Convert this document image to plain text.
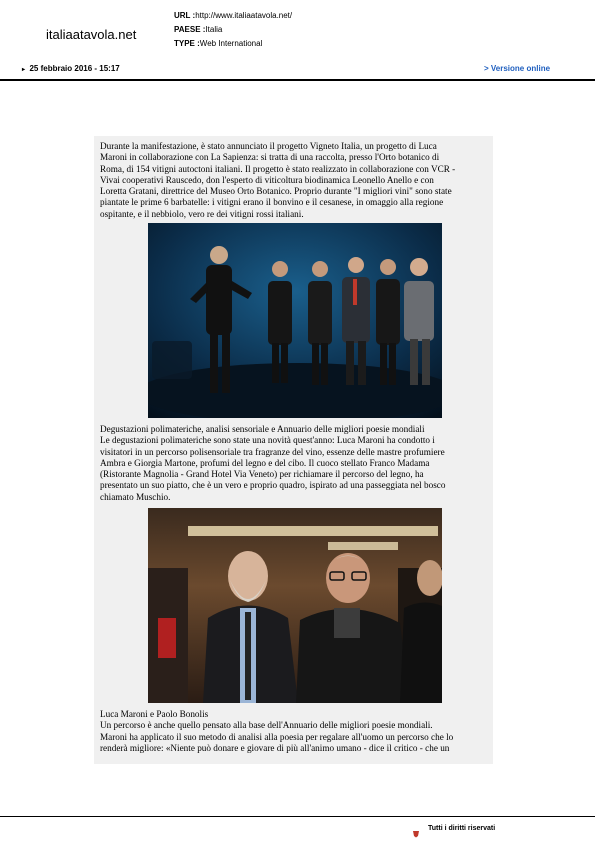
italiaatavola.net
URL :http://www.italiaatavola.net/
PAESE :Italia
TYPE :Web International
▸ 25 febbraio 2016 - 15:17	> Versione online
Durante la manifestazione, è stato annunciato il progetto Vigneto Italia, un progetto di Luca
Maroni in collaborazione con La Sapienza: si tratta di una raccolta, presso l'Orto botanico di
Roma, di 154 vitigni autoctoni italiani. Il progetto è stato realizzato in collaborazione con VCR -
Vivai cooperativi Rauscedo, don l'esperto di viticoltura biodinamica Leonello Anello e con
Loretta Gratani, direttrice del Museo Orto Botanico. Proprio durante "I migliori vini" sono state
piantate le prime 6 barbatelle: i vitigni erano il bonvino e il cesanese, in omaggio alla regione
ospitante, e il nebbiolo, vero re dei vitigni rossi italiani.
Degustazioni polimateriche, analisi sensoriale e Annuario delle migliori poesie mondiali
Le degustazioni polimateriche sono state una novità quest'anno: Luca Maroni ha condotto i
visitatori in un percorso polisensoriale tra fragranze del vino, essenze delle mastre profumiere
Ambra e Giorgia Martone, profumi del legno e del cibo. Il cuoco stellato Franco Madama
(Ristorante Magnolia - Grand Hotel Via Veneto) per richiamare il percorso del legno, ha
presentato un suo piatto, che è un vero e proprio quadro, ispirato ad una passeggiata nel bosco
chiamato Muschio.
Luca Maroni e Paolo Bonolis
Un percorso è anche quello pensato alla base dell'Annuario delle migliori poesie mondiali.
Maroni ha applicato il suo metodo di analisi alla poesia per regalare all'uomo un percorso che lo
renderà migliore: «Niente può donare e giovare di più all'animo umano - dice il critico - che un
Tutti i diritti riservati
